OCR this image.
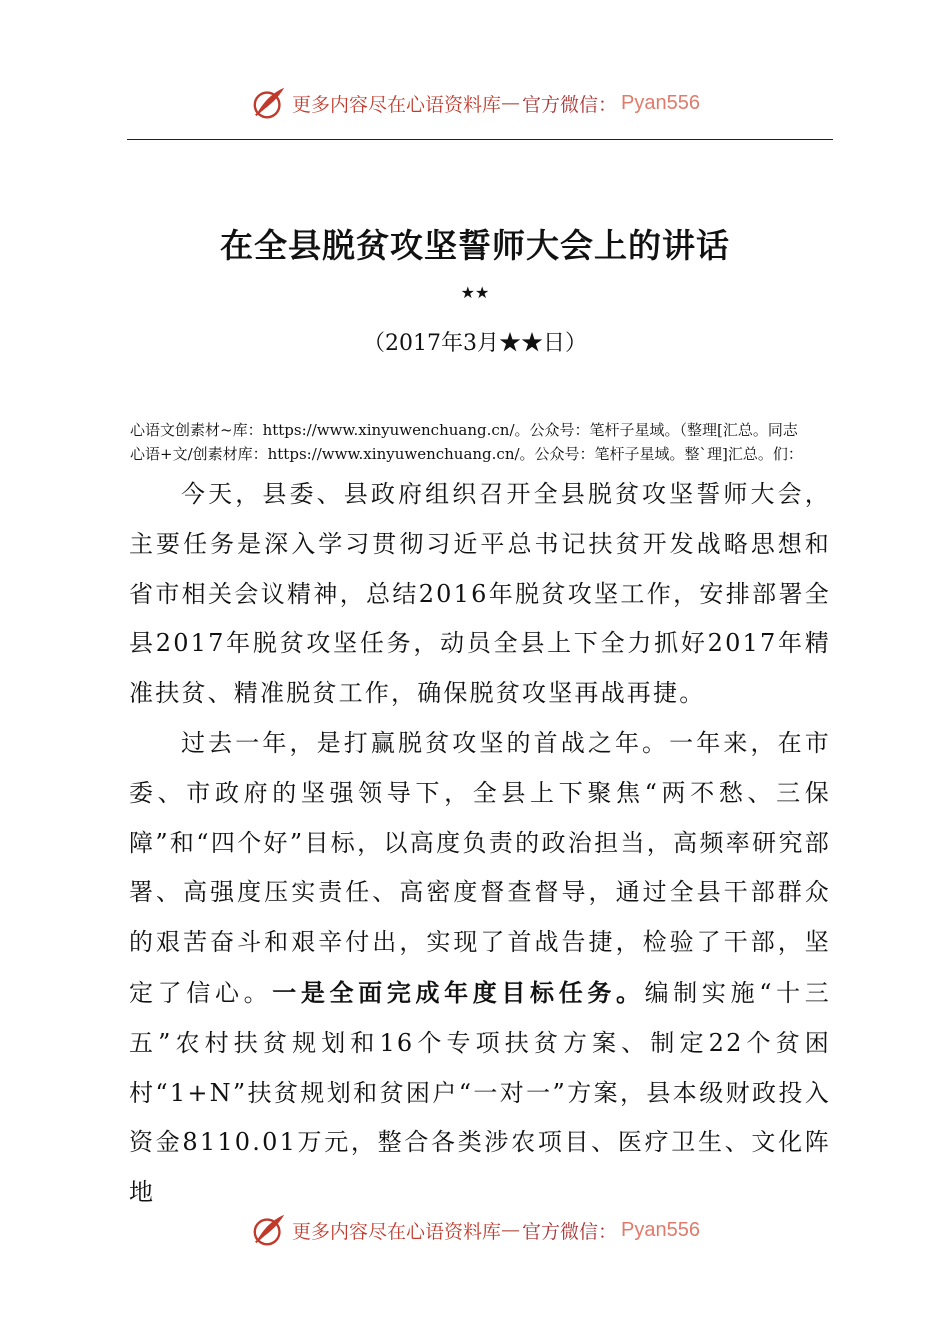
更多内容尽在心语资料库 — 官方微信： Pyan556
在全县脱贫攻坚誓师大会上的讲话
★★
（2017年3月★★日）
心语文创素材~库：https://www.xinyuwenchuang.cn/。公众号：笔杆子星域。（整理[汇总。同志
心语+文/创素材库：https://www.xinyuwenchuang.cn/。公众号：笔杆子星域。整`理]汇总。们：

今天，县委、县政府组织召开全县脱贫攻坚誓师大会，主要任务是深入学习贯彻习近平总书记扶贫开发战略思想和省市相关会议精神，总结2016年脱贫攻坚工作，安排部署全县2017年脱贫攻坚任务，动员全县上下全力抓好2017年精准扶贫、精准脱贫工作，确保脱贫攻坚再战再捷。

过去一年，是打赢脱贫攻坚的首战之年。一年来，在市委、市政府的坚强领导下，全县上下聚焦“两不愁、三保障”和“四个好”目标，以高度负责的政治担当，高频率研究部署、高强度压实责任、高密度督查督导，通过全县干部群众的艰苦奋斗和艰辛付出，实现了首战告捷，检验了干部，坚定了信心。一是全面完成年度目标任务。编制实施“十三五”农村扶贫规划和16个专项扶贫方案、制定22个贫困村“1+N”扶贫规划和贫困户“一对一”方案，县本级财政投入资金8110.01万元，整合各类涉农项目、医疗卫生、文化阵地

更多内容尽在心语资料库 — 官方微信： Pyan556
